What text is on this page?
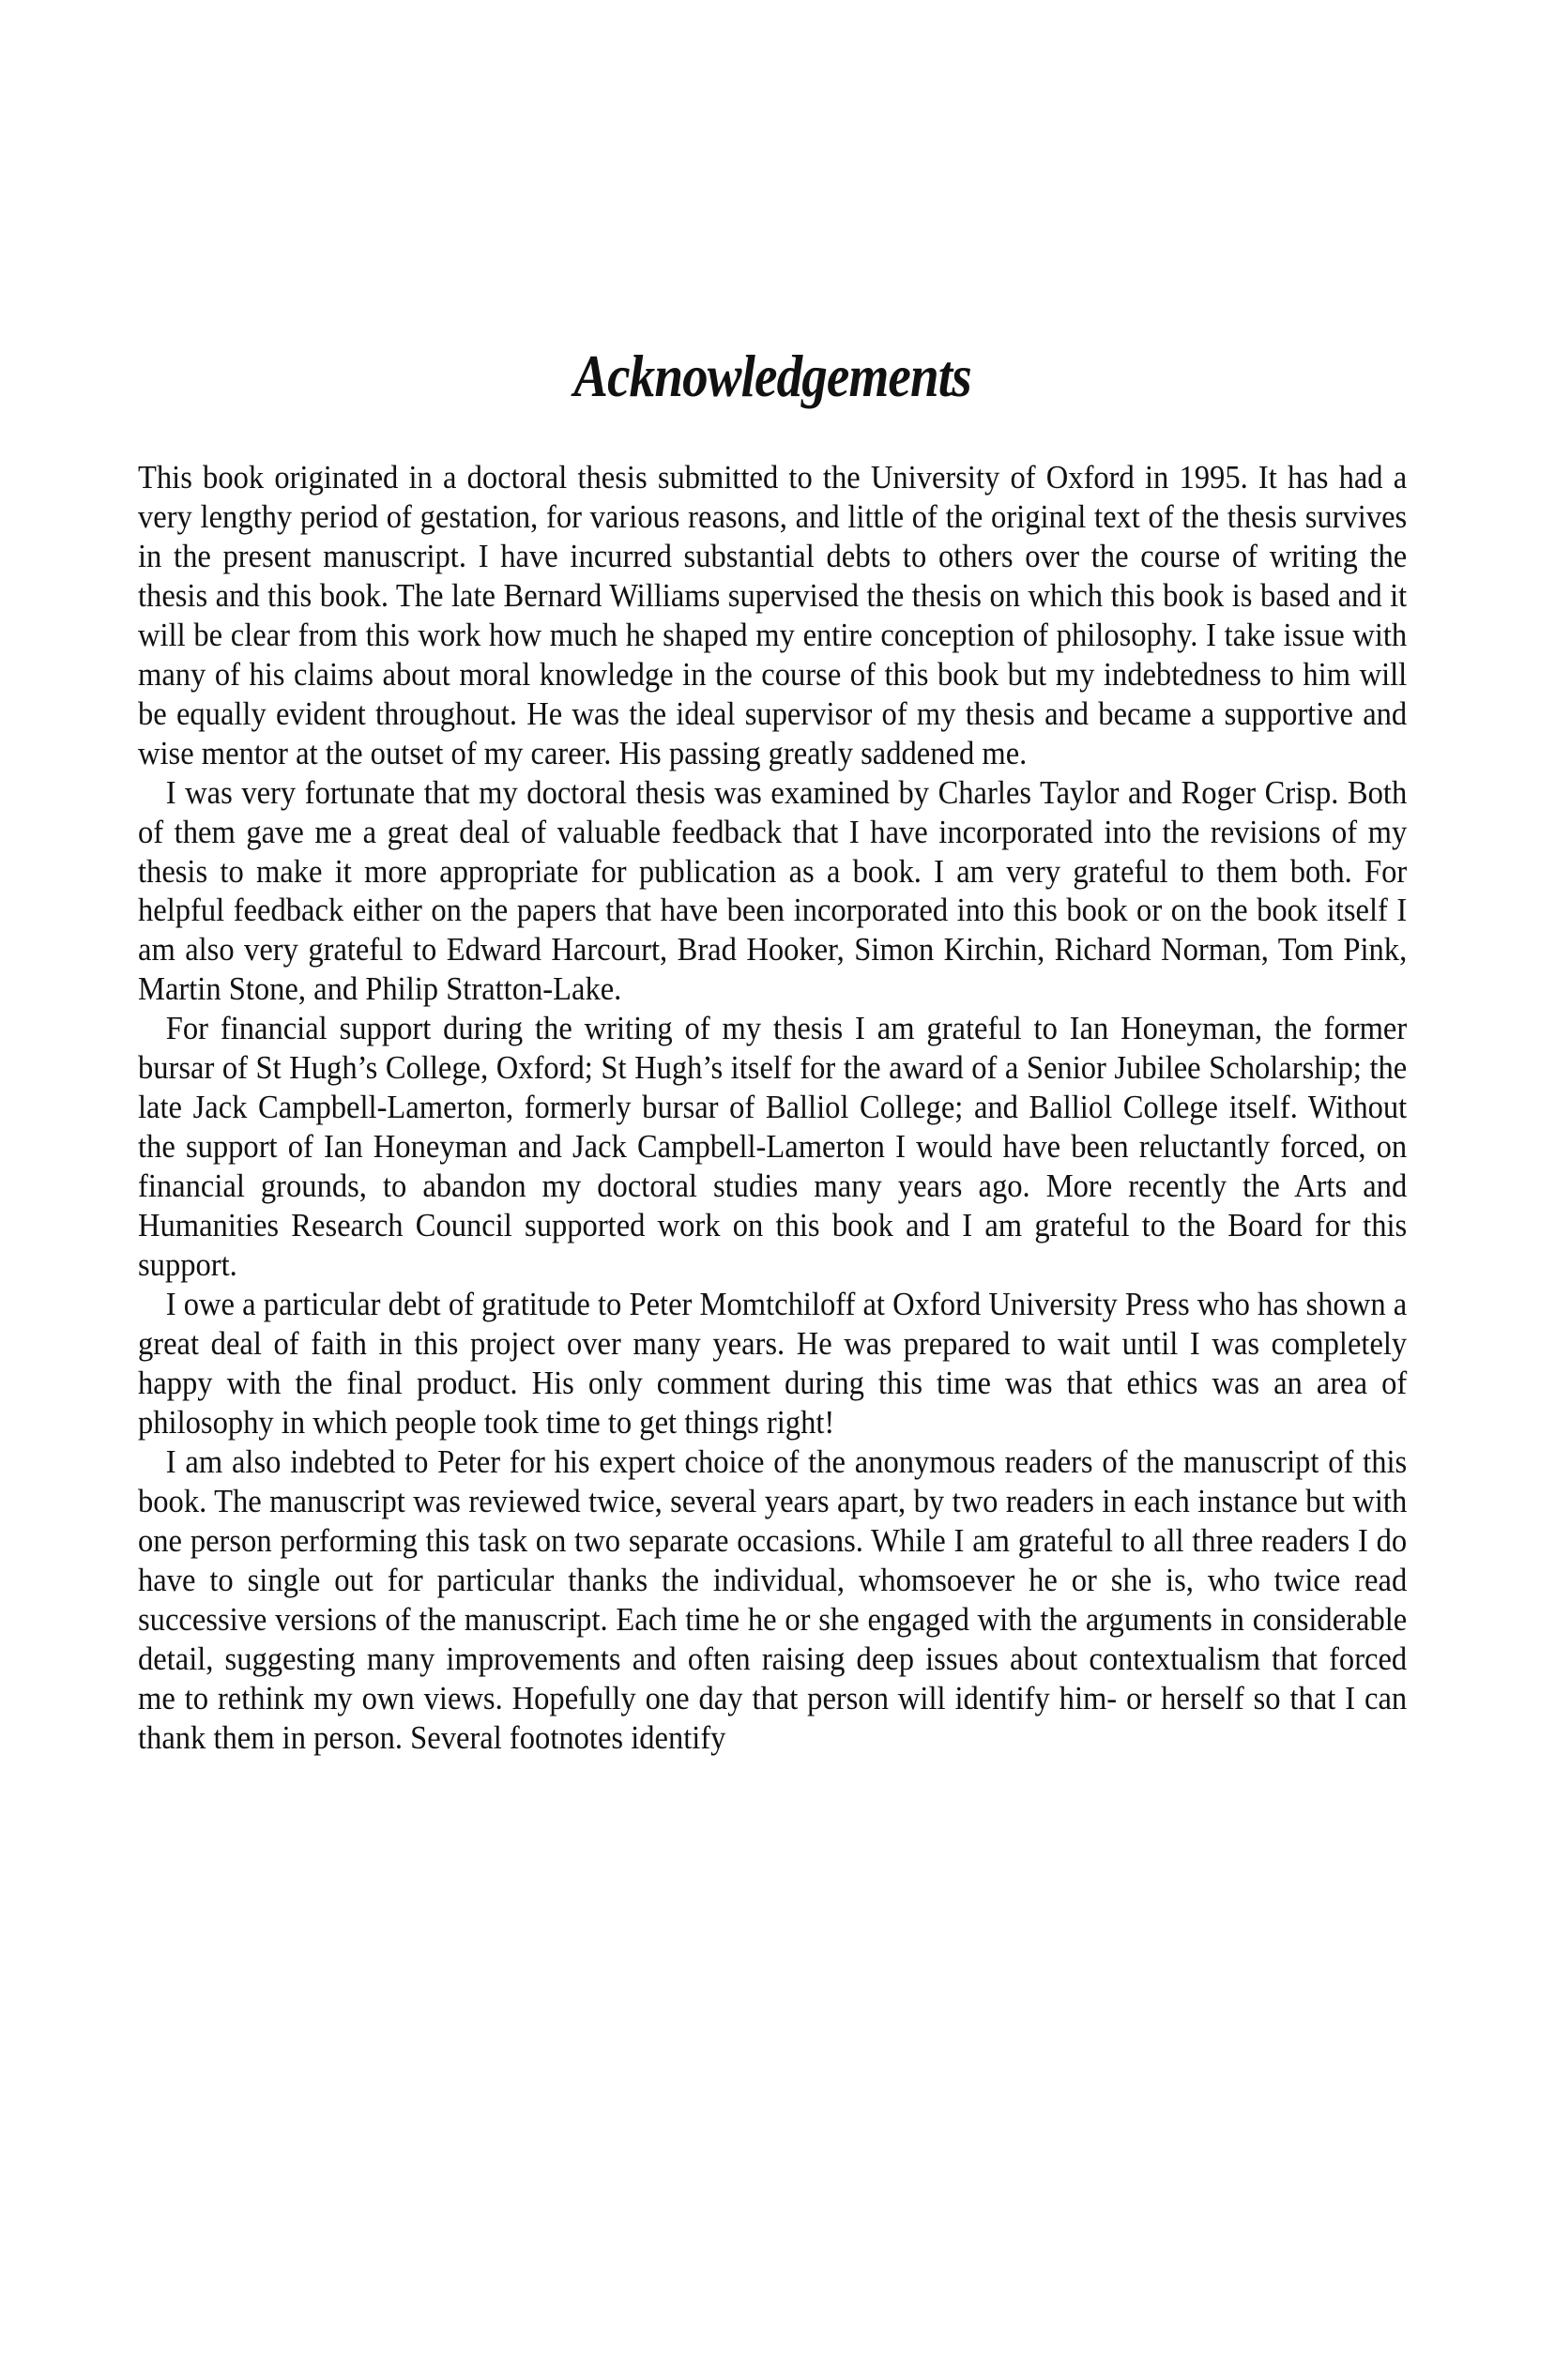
Acknowledgements

This book originated in a doctoral thesis submitted to the University of Oxford in 1995. It has had a very lengthy period of gestation, for various reasons, and little of the original text of the thesis survives in the present manuscript. I have incurred substantial debts to others over the course of writing the thesis and this book. The late Bernard Williams supervised the thesis on which this book is based and it will be clear from this work how much he shaped my entire conception of philosophy. I take issue with many of his claims about moral knowledge in the course of this book but my indebtedness to him will be equally evident throughout. He was the ideal supervisor of my thesis and became a supportive and wise mentor at the outset of my career. His passing greatly saddened me.

I was very fortunate that my doctoral thesis was examined by Charles Taylor and Roger Crisp. Both of them gave me a great deal of valuable feedback that I have incorporated into the revisions of my thesis to make it more appropriate for publication as a book. I am very grateful to them both. For helpful feedback either on the papers that have been incorporated into this book or on the book itself I am also very grateful to Edward Harcourt, Brad Hooker, Simon Kirchin, Richard Norman, Tom Pink, Martin Stone, and Philip Stratton-Lake.

For financial support during the writing of my thesis I am grateful to Ian Honeyman, the former bursar of St Hugh’s College, Oxford; St Hugh’s itself for the award of a Senior Jubilee Scholarship; the late Jack Campbell-Lamerton, formerly bursar of Balliol College; and Balliol College itself. Without the support of Ian Honeyman and Jack Campbell-Lamerton I would have been reluctantly forced, on financial grounds, to abandon my doctoral studies many years ago. More recently the Arts and Humanities Research Council supported work on this book and I am grateful to the Board for this support.

I owe a particular debt of gratitude to Peter Momtchiloff at Oxford University Press who has shown a great deal of faith in this project over many years. He was prepared to wait until I was completely happy with the final product. His only comment during this time was that ethics was an area of philosophy in which people took time to get things right!

I am also indebted to Peter for his expert choice of the anonymous readers of the manuscript of this book. The manuscript was reviewed twice, several years apart, by two readers in each instance but with one person performing this task on two separate occasions. While I am grateful to all three readers I do have to single out for particular thanks the individual, whomsoever he or she is, who twice read successive versions of the manuscript. Each time he or she engaged with the arguments in considerable detail, suggesting many improvements and often raising deep issues about contextualism that forced me to rethink my own views. Hopefully one day that person will identify him- or herself so that I can thank them in person. Several footnotes identify
